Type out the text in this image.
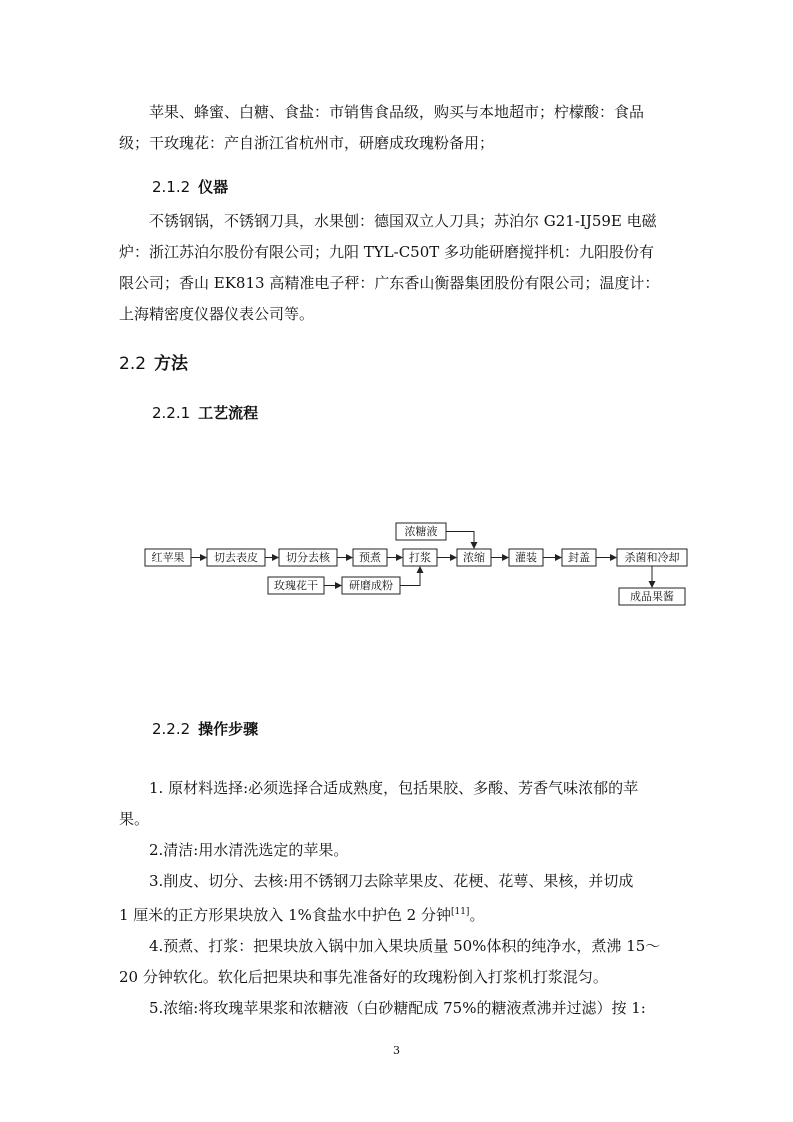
苹果、蜂蜜、白糖、食盐：市销售食品级，购买与本地超市；柠檬酸：食品
级；干玫瑰花：产自浙江省杭州市，研磨成玫瑰粉备用；
2.1.2 仪器
不锈钢锅，不锈钢刀具，水果刨：德国双立人刀具；苏泊尔 G21-IJ59E 电磁
炉：浙江苏泊尔股份有限公司；九阳 TYL-C50T 多功能研磨搅拌机：九阳股份有
限公司；香山 EK813 高精准电子秤：广东香山衡器集团股份有限公司；温度计：
上海精密度仪器仪表公司等。
2.2 方法
2.2.1 工艺流程
红苹果	切去表皮	切分去核	预煮	打浆	浓缩	灌装	封盖	杀菌和冷却
浓糖液
玫瑰花干	研磨成粉
成品果酱
2.2.2 操作步骤
1. 原材料选择:必须选择合适成熟度，包括果胶、多酸、芳香气味浓郁的苹
果。
2.清洁:用水清洗选定的苹果。
3.削皮、切分、去核:用不锈钢刀去除苹果皮、花梗、花萼、果核，并切成
1 厘米的正方形果块放入 1%食盐水中护色 2 分钟[11]。
4.预煮、打浆：把果块放入锅中加入果块质量 50%体积的纯净水，煮沸 15～
20 分钟软化。软化后把果块和事先准备好的玫瑰粉倒入打浆机打浆混匀。
5.浓缩:将玫瑰苹果浆和浓糖液（白砂糖配成 75%的糖液煮沸并过滤）按 1:
3
